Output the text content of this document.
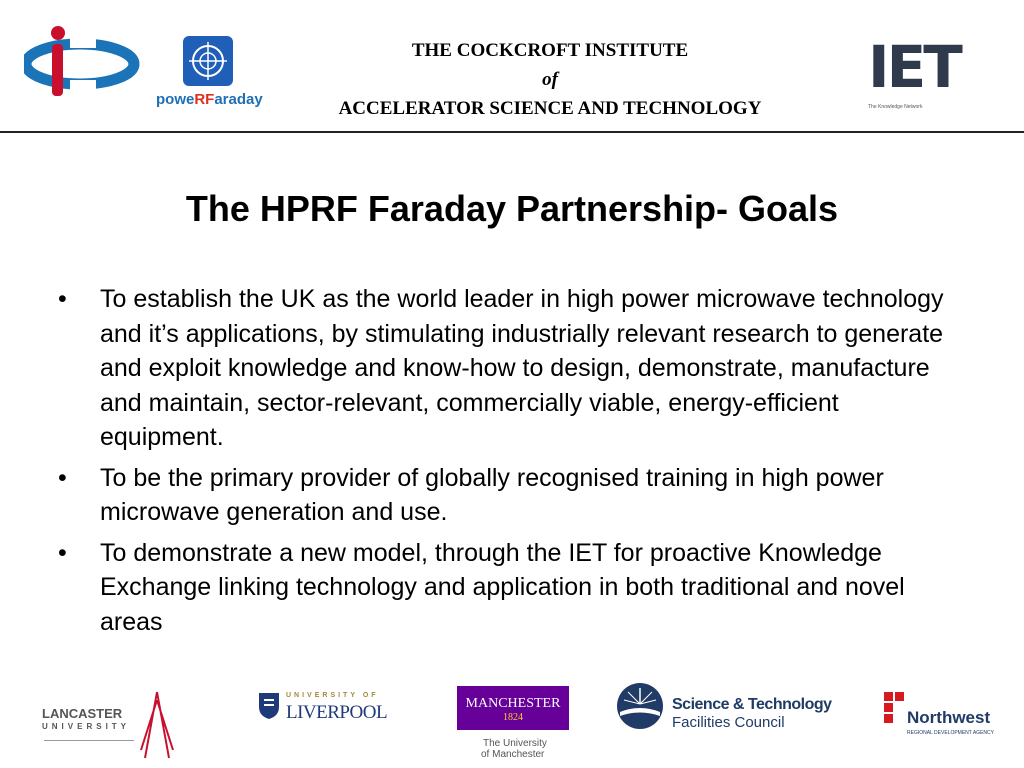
poweRFaraday
THE COCKCROFT INSTITUTE
of
ACCELERATOR SCIENCE AND TECHNOLOGY
IET
The Knowledge Network
The HPRF Faraday Partnership- Goals
• To establish the UK as the world leader in high power microwave technology and it’s applications, by stimulating industrially relevant research to generate and exploit knowledge and know-how to design, demonstrate, manufacture and maintain, sector-relevant, commercially viable, energy-efficient equipment.
• To be the primary provider of globally recognised training in high power microwave generation and use.
• To demonstrate a new model, through the IET for proactive Knowledge Exchange linking technology and application in both traditional and novel areas
LANCASTER
UNIVERSITY
UNIVERSITY OF
LIVERPOOL	MANCHESTER
1824
The University
of Manchester
Science & Technology
Facilities Council	Northwest
REGIONAL DEVELOPMENT AGENCY
